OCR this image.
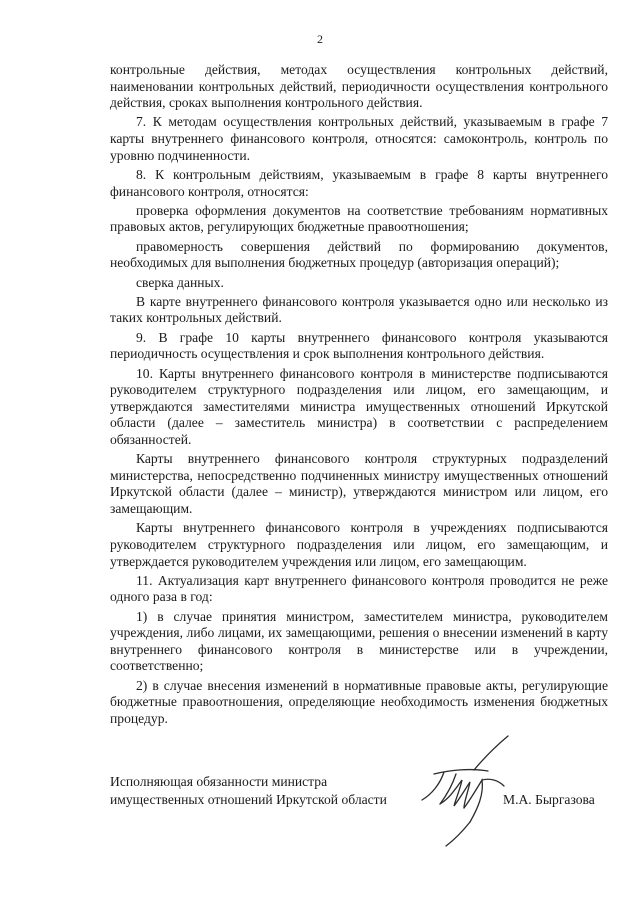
2

контрольные действия, методах осуществления контрольных действий, наименовании контрольных действий, периодичности осуществления контрольного действия, сроках выполнения контрольного действия.

7. К методам осуществления контрольных действий, указываемым в графе 7 карты внутреннего финансового контроля, относятся: самоконтроль, контроль по уровню подчиненности.

8. К контрольным действиям, указываемым в графе 8 карты внутреннего финансового контроля, относятся:

проверка оформления документов на соответствие требованиям нормативных правовых актов, регулирующих бюджетные правоотношения;

правомерность совершения действий по формированию документов, необходимых для выполнения бюджетных процедур (авторизация операций);

сверка данных.

В карте внутреннего финансового контроля указывается одно или несколько из таких контрольных действий.

9. В графе 10 карты внутреннего финансового контроля указываются периодичность осуществления и срок выполнения контрольного действия.

10. Карты внутреннего финансового контроля в министерстве подписываются руководителем структурного подразделения или лицом, его замещающим, и утверждаются заместителями министра имущественных отношений Иркутской области (далее – заместитель министра) в соответствии с распределением обязанностей.

Карты внутреннего финансового контроля структурных подразделений министерства, непосредственно подчиненных министру имущественных отношений Иркутской области (далее – министр), утверждаются министром или лицом, его замещающим.

Карты внутреннего финансового контроля в учреждениях подписываются руководителем структурного подразделения или лицом, его замещающим, и утверждается руководителем учреждения или лицом, его замещающим.

11. Актуализация карт внутреннего финансового контроля проводится не реже одного раза в год:

1) в случае принятия министром, заместителем министра, руководителем учреждения, либо лицами, их замещающими, решения о внесении изменений в карту внутреннего финансового контроля в министерстве или в учреждении, соответственно;

2) в случае внесения изменений в нормативные правовые акты, регулирующие бюджетные правоотношения, определяющие необходимость изменения бюджетных процедур.

Исполняющая обязанности министра
имущественных отношений Иркутской области	М.А. Быргазова
